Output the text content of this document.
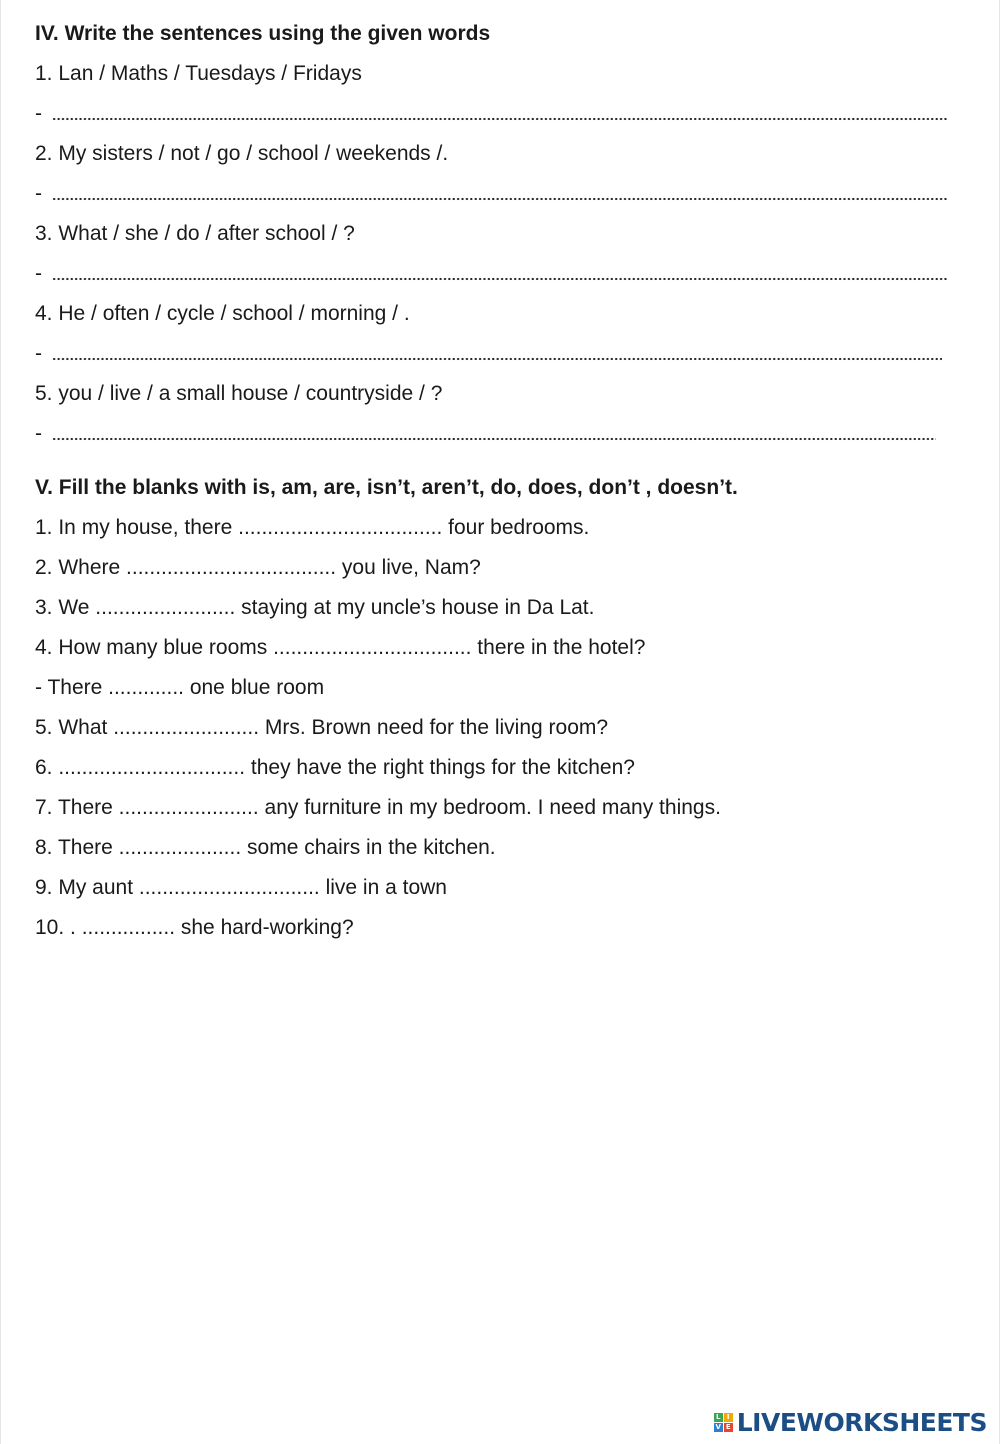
IV. Write the sentences using the given words
1. Lan / Maths / Tuesdays / Fridays
-
2. My sisters / not / go / school / weekends /.
-
3. What / she / do / after school / ?
-
4. He / often / cycle / school / morning / .
-
5. you / live / a small house / countryside / ?
-
V. Fill the blanks with is, am, are, isn’t, aren’t, do, does, don’t , doesn’t.
1. In my house, there ................................... four bedrooms.
2. Where .................................... you live, Nam?
3. We ........................ staying at my uncle’s house in Da Lat.
4. How many blue rooms .................................. there in the hotel?
- There ............. one blue room
5. What ......................... Mrs. Brown need for the living room?
6. ................................ they have the right things for the kitchen?
7. There ........................ any furniture in my bedroom. I need many things.
8. There ..................... some chairs in the kitchen.
9. My aunt ............................... live in a town
10. . ................ she hard-working?
L I
V E LIVEWORKSHEETS
